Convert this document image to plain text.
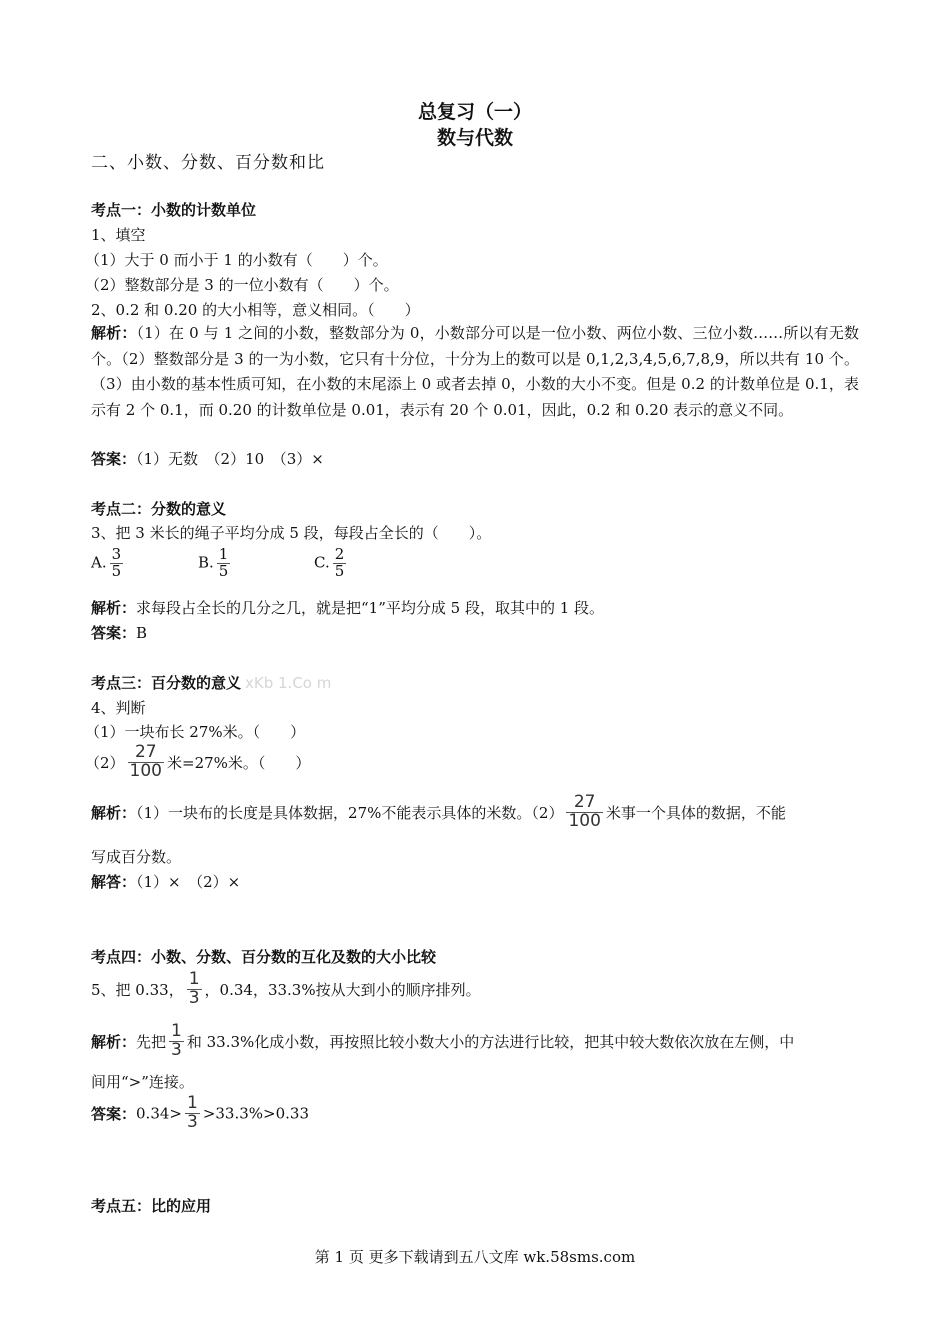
总复习（一）
数与代数
二、小数、分数、百分数和比
考点一：小数的计数单位
1、填空
（1）大于 0 而小于 1 的小数有（　　）个。
（2）整数部分是 3 的一位小数有（　　）个。
2、0.2 和 0.20 的大小相等，意义相同。（　　）
解析：（1）在 0 与 1 之间的小数，整数部分为 0，小数部分可以是一位小数、两位小数、三位小数……所以有无数个。（2）整数部分是 3 的一为小数，它只有十分位，十分为上的数可以是 0,1,2,3,4,5,6,7,8,9，所以共有 10 个。（3）由小数的基本性质可知，在小数的末尾添上 0 或者去掉 0，小数的大小不变。但是 0.2 的计数单位是 0.1，表示有 2 个 0.1，而 0.20 的计数单位是 0.01，表示有 20 个 0.01，因此，0.2 和 0.20 表示的意义不同。
答案：（1）无数　（2）10　（3）×
考点二：分数的意义
3、把 3 米长的绳子平均分成 5 段，每段占全长的（　　）。
A. $\frac{3}{5}$	B. $\frac{1}{5}$	C. $\frac{2}{5}$
解析：求每段占全长的几分之几，就是把“1”平均分成 5 段，取其中的 1 段。
答案：B
考点三：百分数的意义 xKb 1.Co m
4、判断
（1）一块布长 27%米。（　　）
$(2) \frac{27}{100}$ 米=27%米。（　　）
解析：（1）一块布的长度是具体数据，27%不能表示具体的米数。$(2) \frac{27}{100}$ 米事一个具体的数据，不能
写成百分数。
解答：（1）×　（2）×
考点四：小数、分数、百分数的互化及数的大小比较
5、把 0.33， $\frac{1}{3}$ ，0.34，33.3%按从大到小的顺序排列。
解析：先把 $\frac{1}{3}$ 和 33.3%化成小数，再按照比较小数大小的方法进行比较，把其中较大数依次放在左侧，中
间用“>”连接。
答案：$0.34> \frac{1}{3} >33.3\%>0.33$
考点五：比的应用
第 1 页 更多下载请到五八文库 wk.58sms.com
